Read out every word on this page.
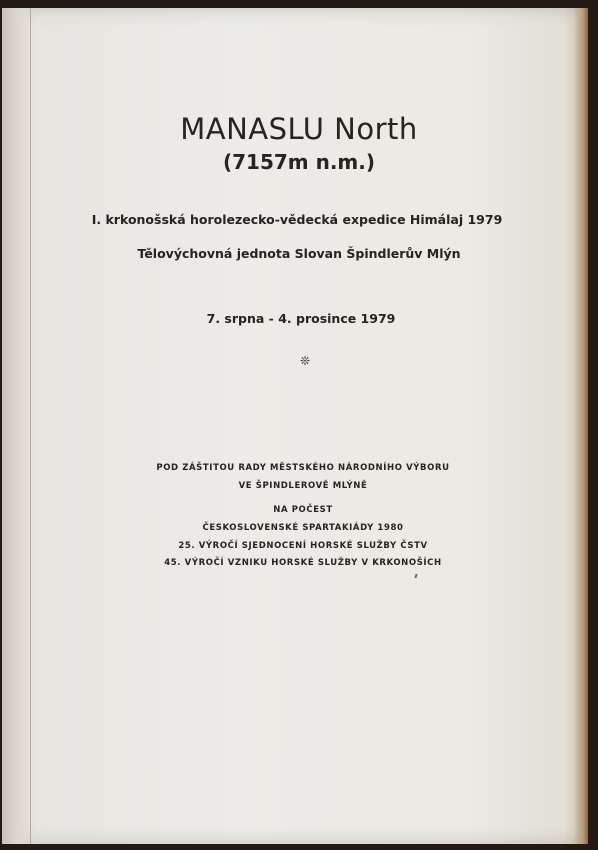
MANASLU North
(7157m n.m.)
I. krkonošská horolezecko-vědecká expedice Himálaj 1979
Tělovýchovná jednota Slovan Špindlerův Mlýn
7. srpna - 4. prosince 1979
❊
POD ZÁŠTITOU RADY MĚSTSKÉHO NÁRODNÍHO VÝBORU
VE ŠPINDLEROVĚ MLÝNĚ
NA POČEST
ČESKOSLOVENSKÉ SPARTAKIÁDY 1980
25. VÝROČÍ SJEDNOCENÍ HORSKÉ SLUŽBY ČSTV
45. VÝROČÍ VZNIKU HORSKÉ SLUŽBY V KRKONOŠÍCH
